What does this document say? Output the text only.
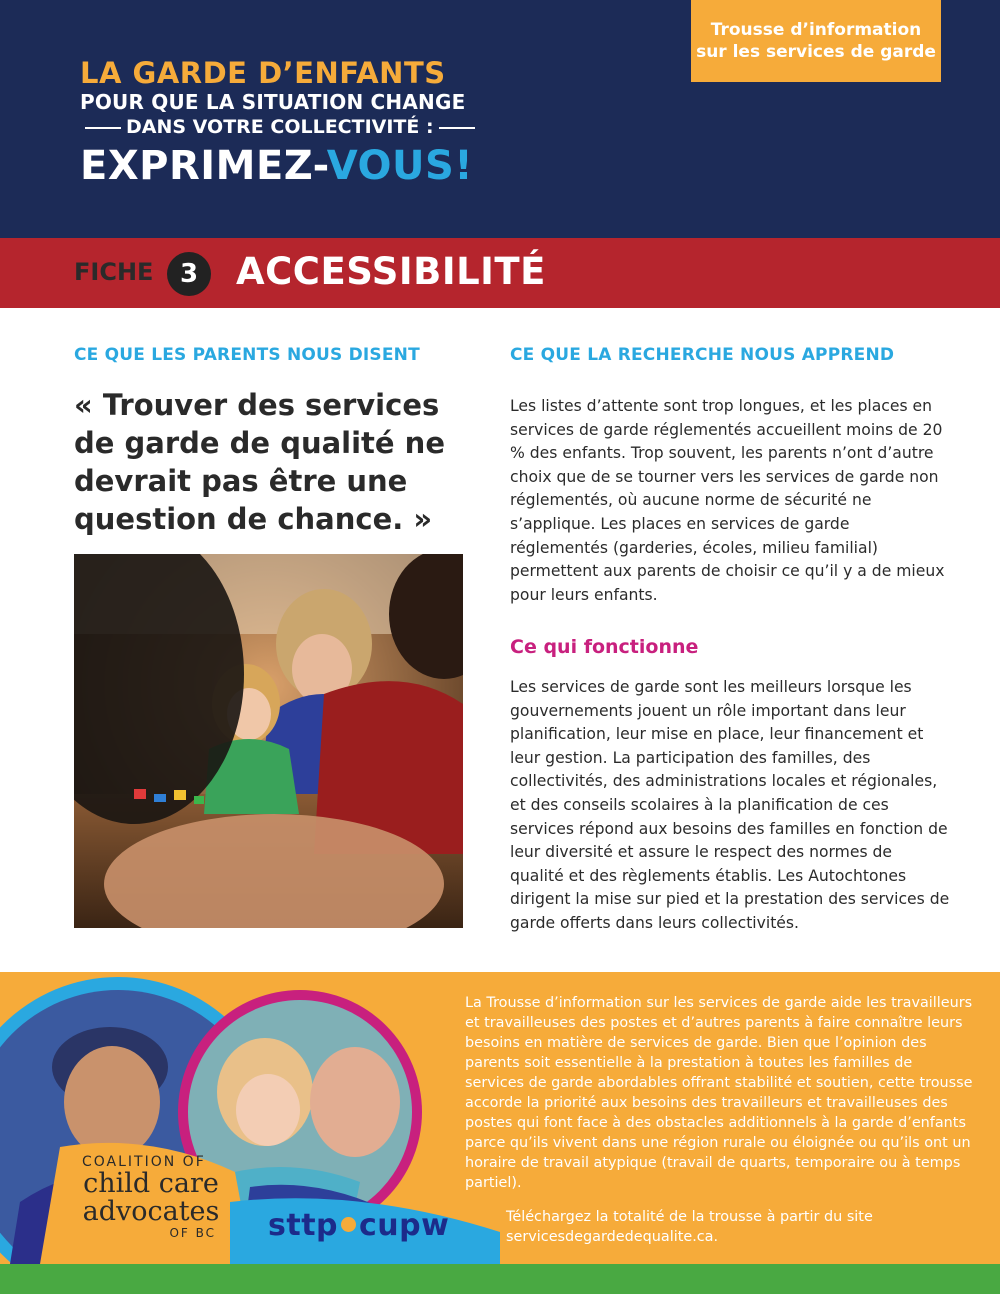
Trousse d’information
sur les services de garde
LA GARDE D’ENFANTS
POUR QUE LA SITUATION CHANGE
DANS VOTRE COLLECTIVITÉ :
EXPRIMEZ-VOUS!
FICHE	3	ACCESSIBILITÉ
CE QUE LES PARENTS NOUS DISENT
« Trouver des services de garde de qualité ne devrait pas être une question de chance. »
CE QUE LA RECHERCHE NOUS APPREND
Les listes d’attente sont trop longues, et les places en services de garde réglementés accueillent moins de 20 % des enfants. Trop souvent, les parents n’ont d’autre choix que de se tourner vers les services de garde non réglementés, où aucune norme de sécurité ne s’applique. Les places en services de garde réglementés (garderies, écoles, milieu familial) permettent aux parents de choisir ce qu’il y a de mieux pour leurs enfants.
Ce qui fonctionne
Les services de garde sont les meilleurs lorsque les gouvernements jouent un rôle important dans leur planification, leur mise en place, leur financement et leur gestion. La participation des familles, des collectivités, des administrations locales et régionales, et des conseils scolaires à la planification de ces services répond aux besoins des familles en fonction de leur diversité et assure le respect des normes de qualité et des règlements établis. Les Autochtones dirigent la mise sur pied et la prestation des services de garde offerts dans leurs collectivités.
La Trousse d’information sur les services de garde aide les travailleurs et travailleuses des postes et d’autres parents à faire connaître leurs besoins en matière de services de garde. Bien que l’opinion des parents soit essentielle à la prestation à toutes les familles de services de garde abordables offrant stabilité et soutien, cette trousse accorde la priorité aux besoins des travailleurs et travailleuses des postes qui font face à des obstacles additionnels à la garde d’enfants parce qu’ils vivent dans une région rurale ou éloignée ou qu’ils ont un horaire de travail atypique (travail de quarts, temporaire ou à temps partiel).
Téléchargez la totalité de la trousse à partir du site servicesdegardedequalite.ca.
COALITION OF
child care
advocates
OF BC sttp cupw
